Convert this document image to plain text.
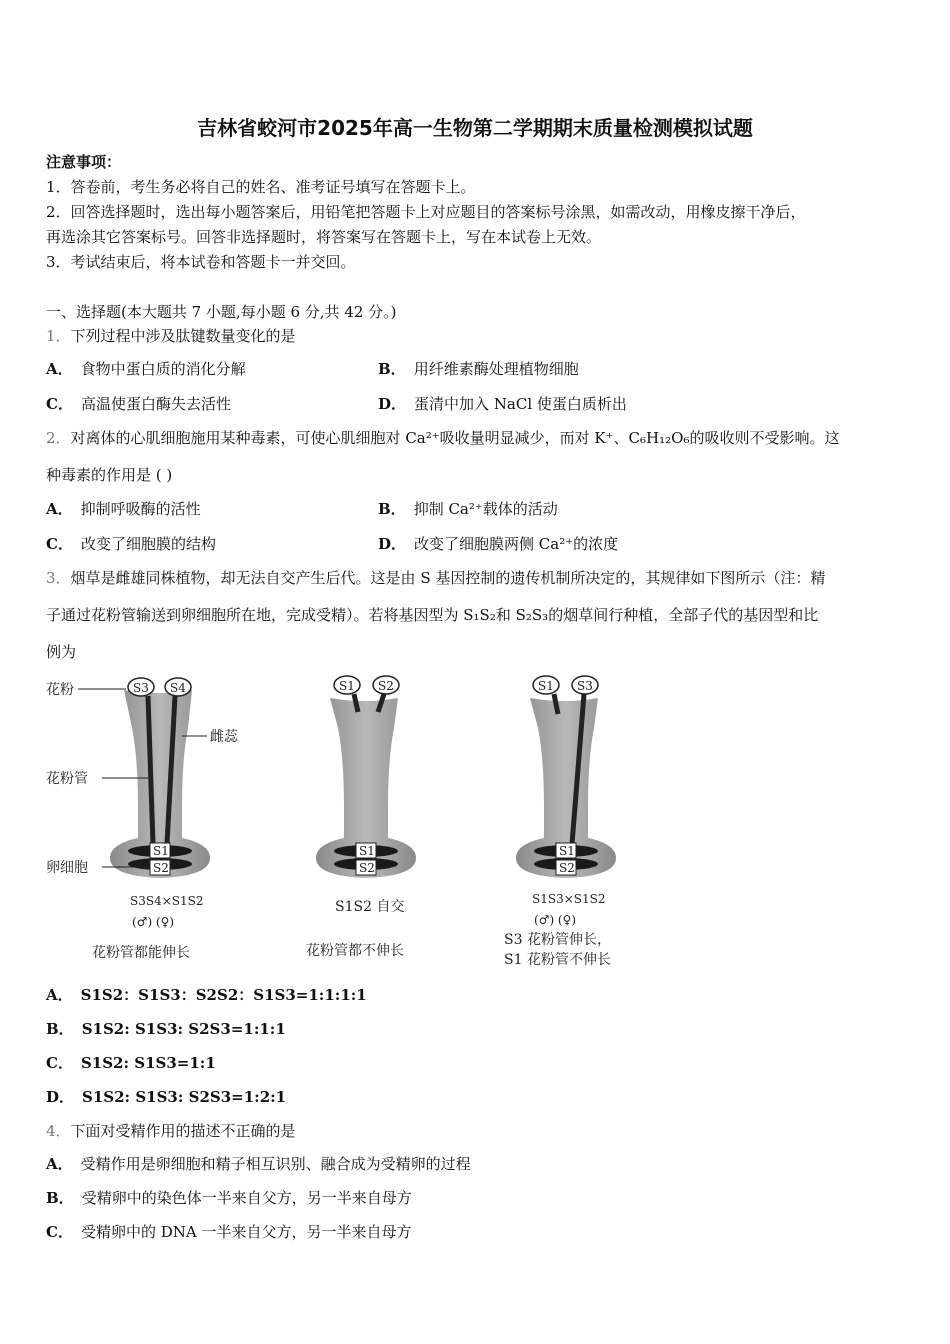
吉林省蛟河市2025年高一生物第二学期期末质量检测模拟试题
注意事项：
1．答卷前，考生务必将自己的姓名、准考证号填写在答题卡上。
2．回答选择题时，选出每小题答案后，用铅笔把答题卡上对应题目的答案标号涂黑，如需改动，用橡皮擦干净后，
再选涂其它答案标号。回答非选择题时，将答案写在答题卡上，写在本试卷上无效。
3．考试结束后，将本试卷和答题卡一并交回。
一、选择题(本大题共 7 小题,每小题 6 分,共 42 分。)
1．下列过程中涉及肽键数量变化的是
A． 食物中蛋白质的消化分解	B． 用纤维素酶处理植物细胞
C． 高温使蛋白酶失去活性	D． 蛋清中加入 NaCl 使蛋白质析出
2．对离体的心肌细胞施用某种毒素，可使心肌细胞对 Ca²⁺吸收量明显减少，而对 K⁺、C₆H₁₂O₆的吸收则不受影响。这
种毒素的作用是 ( )
A． 抑制呼吸酶的活性	B． 抑制 Ca²⁺载体的活动
C． 改变了细胞膜的结构	D． 改变了细胞膜两侧 Ca²⁺的浓度
3．烟草是雌雄同株植物，却无法自交产生后代。这是由 S 基因控制的遗传机制所决定的，其规律如下图所示（注：精
子通过花粉管输送到卵细胞所在地，完成受精）。若将基因型为 S₁S₂和 S₂S₃的烟草间行种植，全部子代的基因型和比
例为
S3 S4
S1
S2
S3S4×S1S2
(♂) (♀)
花粉管都能伸长
花粉
雌蕊
花粉管
卵细胞
S1 S2
S1
S2
S1S2 自交
花粉管都不伸长
S1 S3
S1
S2
S1S3×S1S2
(♂) (♀)
S3 花粉管伸长，
S1 花粉管不伸长
A． S1S2：S1S3：S2S2：S1S3=1:1:1:1
B． S1S2: S1S3: S2S3=1:1:1
C． S1S2: S1S3=1:1
D． S1S2: S1S3: S2S3=1:2:1
4．下面对受精作用的描述不正确的是
A． 受精作用是卵细胞和精子相互识别、融合成为受精卵的过程
B． 受精卵中的染色体一半来自父方，另一半来自母方
C． 受精卵中的 DNA 一半来自父方，另一半来自母方
